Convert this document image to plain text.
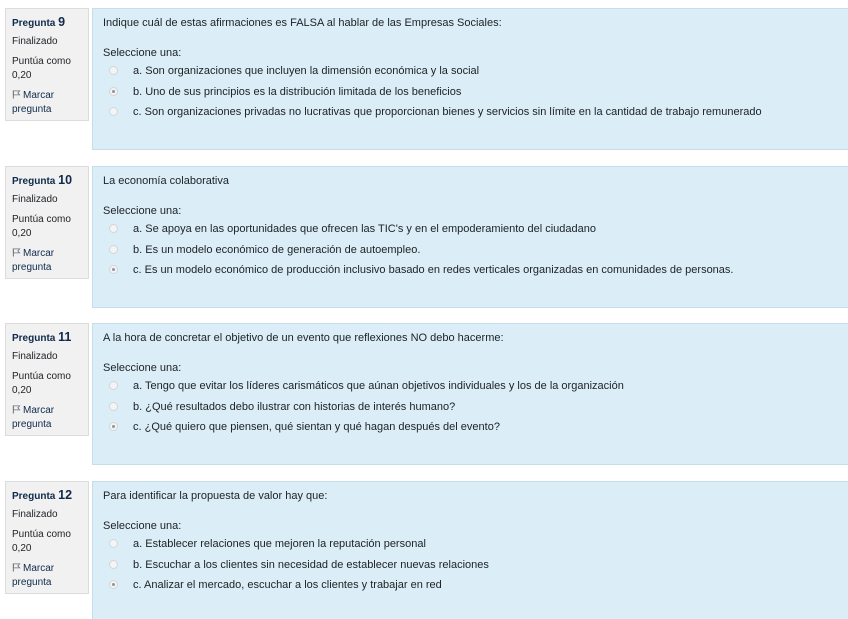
Pregunta 9
Finalizado
Puntúa como
0,20
Marcar
pregunta

Indique cuál de estas afirmaciones es FALSA al hablar de las Empresas Sociales:

Seleccione una:
a. Son organizaciones que incluyen la dimensión económica y la social
b. Uno de sus principios es la distribución limitada de los beneficios
c. Son organizaciones privadas no lucrativas que proporcionan bienes y servicios sin límite en la cantidad de trabajo remunerado
Pregunta 10
Finalizado
Puntúa como
0,20
Marcar
pregunta

La economía colaborativa

Seleccione una:
a. Se apoya en las oportunidades que ofrecen las TIC's y en el empoderamiento del ciudadano
b. Es un modelo económico de generación de autoempleo.
c. Es un modelo económico de producción inclusivo basado en redes verticales organizadas en comunidades de personas.
Pregunta 11
Finalizado
Puntúa como
0,20
Marcar
pregunta

A la hora de concretar el objetivo de un evento que reflexiones NO debo hacerme:

Seleccione una:
a. Tengo que evitar los líderes carismáticos que aúnan objetivos individuales y los de la organización
b. ¿Qué resultados debo ilustrar con historias de interés humano?
c. ¿Qué quiero que piensen, qué sientan y qué hagan después del evento?
Pregunta 12
Finalizado
Puntúa como
0,20
Marcar
pregunta

Para identificar la propuesta de valor hay que:

Seleccione una:
a. Establecer relaciones que mejoren la reputación personal
b. Escuchar a los clientes sin necesidad de establecer nuevas relaciones
c. Analizar el mercado, escuchar a los clientes y trabajar en red
